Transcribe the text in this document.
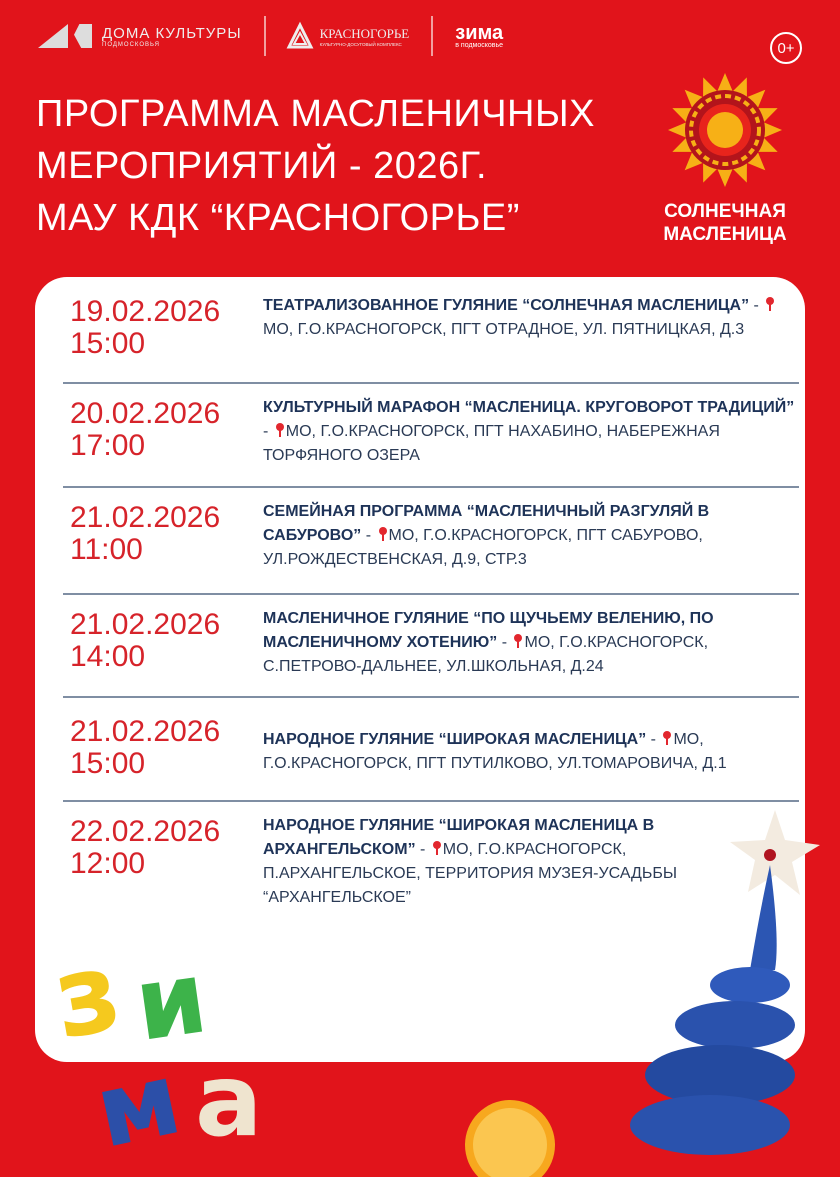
ДОМА КУЛЬТУРЫ
ПОДМОСКОВЬЯ
КРАСНОГОРЬЕ
КУЛЬТУРНО-ДОСУГОВЫЙ КОМПЛЕКС
зима
в подмосковье	0+
ПРОГРАММА МАСЛЕНИЧНЫХ
МЕРОПРИЯТИЙ - 2026Г.
МАУ КДК “КРАСНОГОРЬЕ”	СОЛНЕЧНАЯ
МАСЛЕНИЦА
19.02.2026
15:00
ТЕАТРАЛИЗОВАННОЕ ГУЛЯНИЕ “СОЛНЕЧНАЯ МАСЛЕНИЦА” - МО, Г.О.КРАСНОГОРСК, ПГТ ОТРАДНОЕ, УЛ. ПЯТНИЦКАЯ, Д.3
20.02.2026
17:00
КУЛЬТУРНЫЙ МАРАФОН “МАСЛЕНИЦА. КРУГОВОРОТ ТРАДИЦИЙ” - МО, Г.О.КРАСНОГОРСК, ПГТ НАХАБИНО, НАБЕРЕЖНАЯ ТОРФЯНОГО ОЗЕРА
21.02.2026
11:00
СЕМЕЙНАЯ ПРОГРАММА “МАСЛЕНИЧНЫЙ РАЗГУЛЯЙ В САБУРОВО” - МО, Г.О.КРАСНОГОРСК, ПГТ САБУРОВО, УЛ.РОЖДЕСТВЕНСКАЯ, Д.9, СТР.3
21.02.2026
14:00
МАСЛЕНИЧНОЕ ГУЛЯНИЕ “ПО ЩУЧЬЕМУ ВЕЛЕНИЮ, ПО МАСЛЕНИЧНОМУ ХОТЕНИЮ” - МО, Г.О.КРАСНОГОРСК, С.ПЕТРОВО-ДАЛЬНЕЕ, УЛ.ШКОЛЬНАЯ, Д.24
21.02.2026
15:00
НАРОДНОЕ ГУЛЯНИЕ “ШИРОКАЯ МАСЛЕНИЦА” - МО, Г.О.КРАСНОГОРСК, ПГТ ПУТИЛКОВО, УЛ.ТОМАРОВИЧА, Д.1
22.02.2026
12:00
НАРОДНОЕ ГУЛЯНИЕ “ШИРОКАЯ МАСЛЕНИЦА В АРХАНГЕЛЬСКОМ” - МО, Г.О.КРАСНОГОРСК, П.АРХАНГЕЛЬСКОЕ, ТЕРРИТОРИЯ МУЗЕЯ-УСАДЬБЫ “АРХАНГЕЛЬСКОЕ”
з
и
м а
